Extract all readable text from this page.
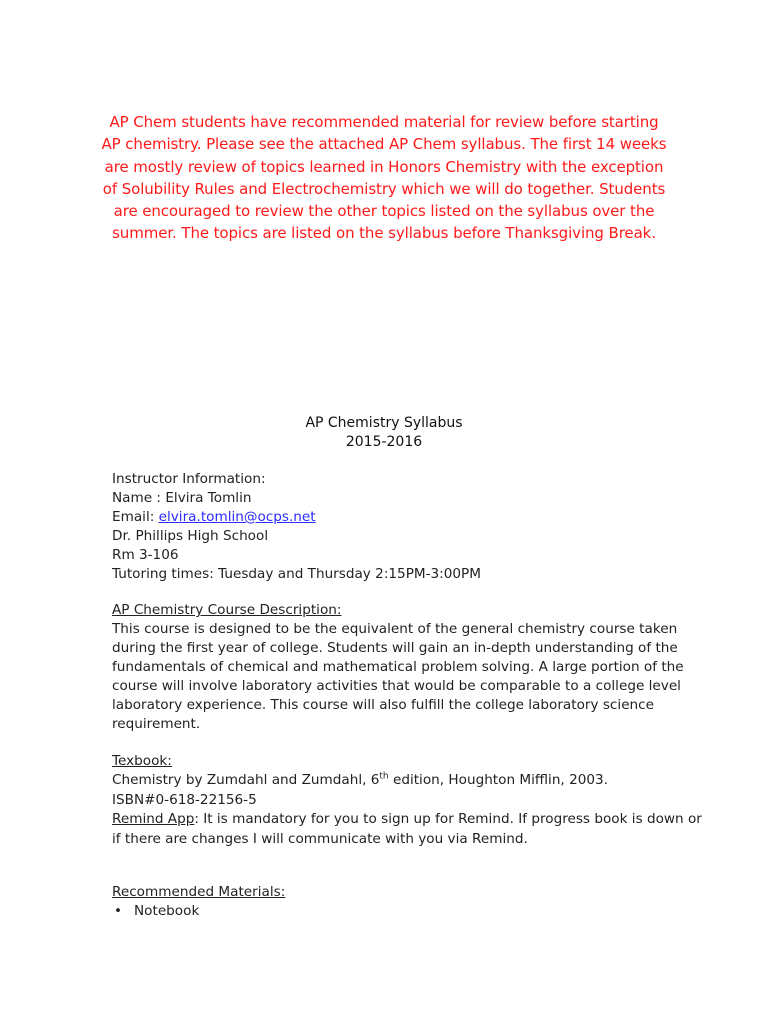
AP Chem students have recommended material for review before starting AP chemistry. Please see the attached AP Chem syllabus. The first 14 weeks are mostly review of topics learned in Honors Chemistry with the exception of Solubility Rules and Electrochemistry which we will do together. Students are encouraged to review the other topics listed on the syllabus over the summer. The topics are listed on the syllabus before Thanksgiving Break.

AP Chemistry Syllabus
2015-2016
Instructor Information:
Name : Elvira Tomlin
Email: elvira.tomlin@ocps.net
Dr. Phillips High School
Rm 3-106
Tutoring times: Tuesday and Thursday 2:15PM-3:00PM
AP Chemistry Course Description:

This course is designed to be the equivalent of the general chemistry course taken during the first year of college. Students will gain an in-depth understanding of the fundamentals of chemical and mathematical problem solving. A large portion of the course will involve laboratory activities that would be comparable to a college level laboratory experience. This course will also fulfill the college laboratory science requirement.

Texbook:
Chemistry by Zumdahl and Zumdahl, 6th edition, Houghton Mifflin, 2003.
ISBN#0-618-22156-5
Remind App: It is mandatory for you to sign up for Remind. If progress book is down or if there are changes I will communicate with you via Remind.
Recommended Materials:
• Notebook
